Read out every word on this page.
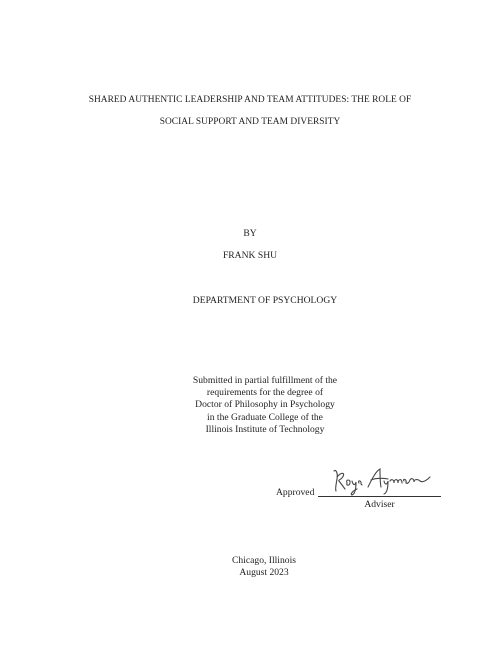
SHARED AUTHENTIC LEADERSHIP AND TEAM ATTITUDES: THE ROLE OF
SOCIAL SUPPORT AND TEAM DIVERSITY
BY
FRANK SHU
DEPARTMENT OF PSYCHOLOGY
Submitted in partial fulfillment of the
requirements for the degree of
Doctor of Philosophy in Psychology
in the Graduate College of the
Illinois Institute of Technology
Approved
Adviser
Chicago, Illinois
August 2023
